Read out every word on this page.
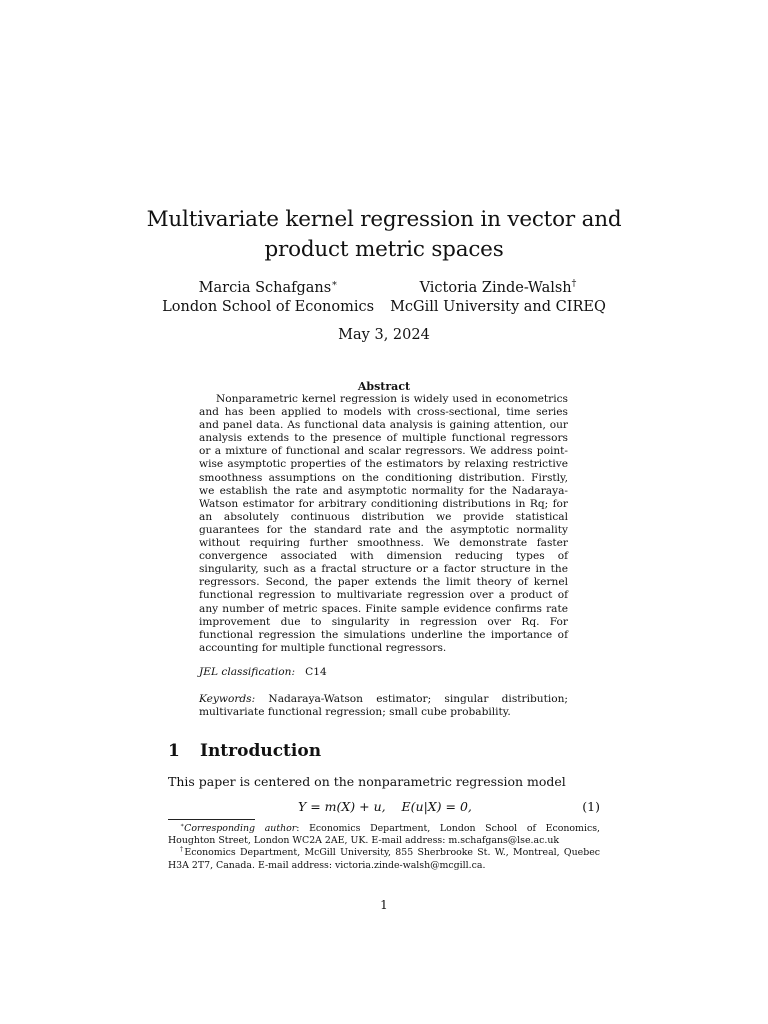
Multivariate kernel regression in vector and
product metric spaces
Marcia Schafgans∗
London School of Economics
Victoria Zinde-Walsh†
McGill University and CIREQ
May 3, 2024
Abstract

Nonparametric kernel regression is widely used in econometrics and has been applied to models with cross-sectional, time series and panel data. As functional data analysis is gaining attention, our analysis extends to the presence of multiple functional regressors or a mixture of functional and scalar regressors. We address point-wise asymptotic properties of the estimators by relaxing restrictive smoothness assumptions on the conditioning distribution. Firstly, we establish the rate and asymptotic normality for the Nadaraya-Watson estimator for arbitrary conditioning distributions in Rq; for an absolutely continuous distribution we provide statistical guarantees for the standard rate and the asymptotic normality without requiring further smoothness. We demonstrate faster convergence associated with dimension reducing types of singularity, such as a fractal structure or a factor structure in the regressors. Second, the paper extends the limit theory of kernel functional regression to multivariate regression over a product of any number of metric spaces. Finite sample evidence confirms rate improvement due to singularity in regression over Rq. For functional regression the simulations underline the importance of accounting for multiple functional regressors.

JEL classification: C14
Keywords: Nadaraya-Watson estimator; singular distribution; multivariate functional regression; small cube probability.
1 Introduction
This paper is centered on the nonparametric regression model
Y = m(X) + u,    E(u|X) = 0,	(1)

∗Corresponding author: Economics Department, London School of Economics, Houghton Street, London WC2A 2AE, UK. E-mail address: m.schafgans@lse.ac.uk

†Economics Department, McGill University, 855 Sherbrooke St. W., Montreal, Quebec H3A 2T7, Canada. E-mail address: victoria.zinde-walsh@mcgill.ca.

1
